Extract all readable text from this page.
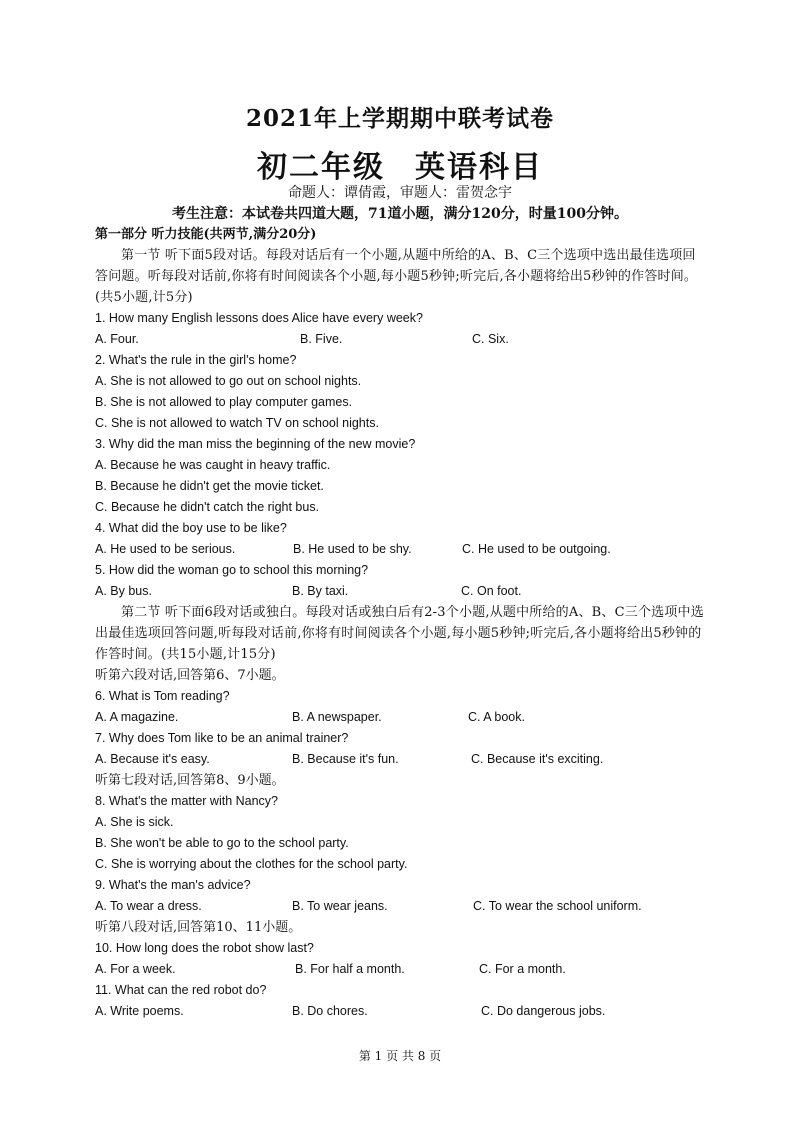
2021年上学期期中联考试卷
初二年级 英语科目
命题人：谭倩霞，审题人：雷贺念宇
考生注意：本试卷共四道大题，71道小题，满分120分，时量100分钟。
第一部分 听力技能(共两节,满分20分)
第一节 听下面5段对话。每段对话后有一个小题,从题中所给的A、B、C三个选项中选出最佳选项回答问题。听每段对话前,你将有时间阅读各个小题,每小题5秒钟;听完后,各小题将给出5秒钟的作答时间。(共5小题,计5分)
1. How many English lessons does Alice have every week?
A. Four.	B. Five.	C. Six.
2. What's the rule in the girl's home?
A. She is not allowed to go out on school nights.
B. She is not allowed to play computer games.
C. She is not allowed to watch TV on school nights.
3. Why did the man miss the beginning of the new movie?
A. Because he was caught in heavy traffic.
B. Because he didn't get the movie ticket.
C. Because he didn't catch the right bus.
4. What did the boy use to be like?
A. He used to be serious.	B. He used to be shy.	C. He used to be outgoing.
5. How did the woman go to school this morning?
A. By bus.	B. By taxi.	C. On foot.
第二节 听下面6段对话或独白。每段对话或独白后有2-3个小题,从题中所给的A、B、C三个选项中选出最佳选项回答问题,听每段对话前,你将有时间阅读各个小题,每小题5秒钟;听完后,各小题将给出5秒钟的作答时间。(共15小题,计15分)
听第六段对话,回答第6、7小题。
6. What is Tom reading?
A. A magazine.	B. A newspaper.	C. A book.
7. Why does Tom like to be an animal trainer?
A. Because it's easy.	B. Because it's fun.	C. Because it's exciting.
听第七段对话,回答第8、9小题。
8. What's the matter with Nancy?
A. She is sick.
B. She won't be able to go to the school party.
C. She is worrying about the clothes for the school party.
9. What's the man's advice?
A. To wear a dress.	B. To wear jeans.	C. To wear the school uniform.
听第八段对话,回答第10、11小题。
10. How long does the robot show last?
A. For a week.	B. For half a month.	C. For a month.
11. What can the red robot do?
A. Write poems.	B. Do chores.	C. Do dangerous jobs.
第 1 页 共 8 页
